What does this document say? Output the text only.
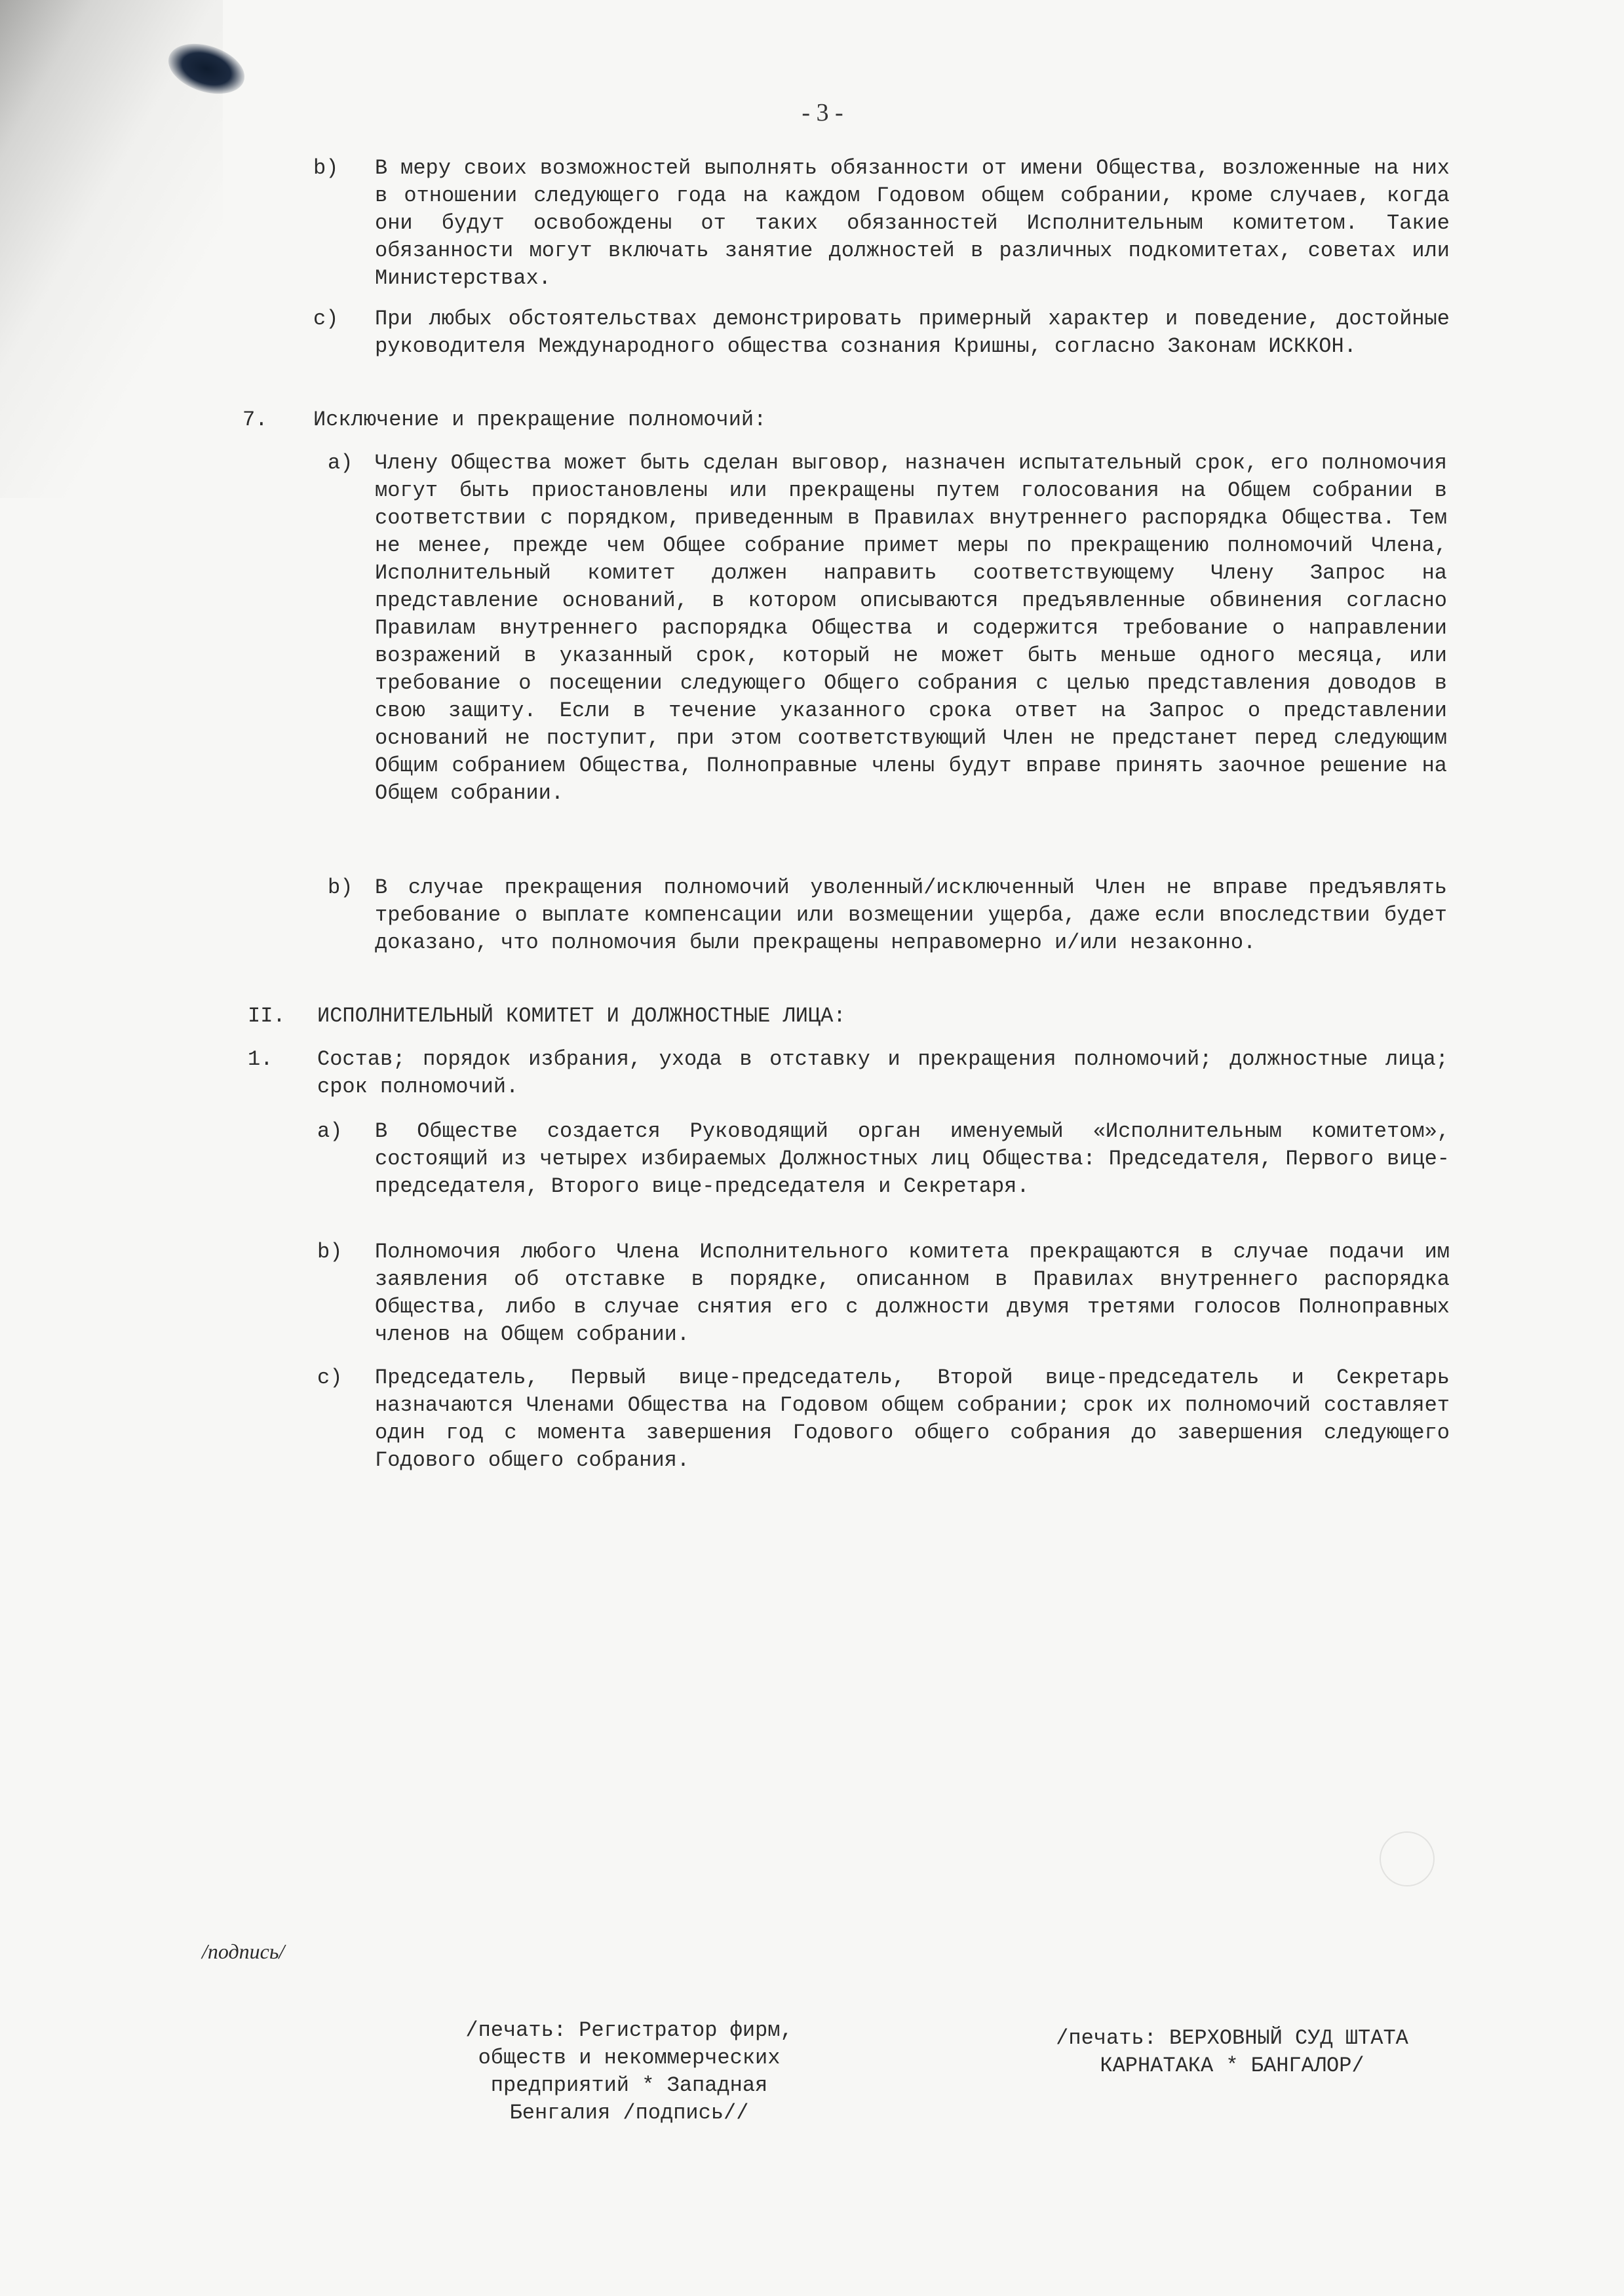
- 3 -
b) В меру своих возможностей выполнять обязанности от имени Общества, возложенные на них в отношении следующего года на каждом Годовом общем собрании, кроме случаев, когда они будут освобождены от таких обязанностей Исполнительным комитетом. Такие обязанности могут включать занятие должностей в различных подкомитетах, советах или Министерствах.

c) При любых обстоятельствах демонстрировать примерный характер и поведение, достойные руководителя Международного общества сознания Кришны, согласно Законам ИСККОН.

7. Исключение и прекращение полномочий:

a) Члену Общества может быть сделан выговор, назначен испытательный срок, его полномочия могут быть приостановлены или прекращены путем голосования на Общем собрании в соответствии с порядком, приведенным в Правилах внутреннего распорядка Общества. Тем не менее, прежде чем Общее собрание примет меры по прекращению полномочий Члена, Исполнительный комитет должен направить соответствующему Члену Запрос на представление оснований, в котором описываются предъявленные обвинения согласно Правилам внутреннего распорядка Общества и содержится требование о направлении возражений в указанный срок, который не может быть меньше одного месяца, или требование о посещении следующего Общего собрания с целью представления доводов в свою защиту. Если в течение указанного срока ответ на Запрос о представлении оснований не поступит, при этом соответствующий Член не предстанет перед следующим Общим собранием Общества, Полноправные члены будут вправе принять заочное решение на Общем собрании.

b) В случае прекращения полномочий уволенный/исключенный Член не вправе предъявлять требование о выплате компенсации или возмещении ущерба, даже если впоследствии будет доказано, что полномочия были прекращены неправомерно и/или незаконно.

II. ИСПОЛНИТЕЛЬНЫЙ КОМИТЕТ И ДОЛЖНОСТНЫЕ ЛИЦА:

1. Состав; порядок избрания, ухода в отставку и прекращения полномочий; должностные лица; срок полномочий.

a) В Обществе создается Руководящий орган именуемый «Исполнительным комитетом», состоящий из четырех избираемых Должностных лиц Общества: Председателя, Первого вице-председателя, Второго вице-председателя и Секретаря.

b) Полномочия любого Члена Исполнительного комитета прекращаются в случае подачи им заявления об отставке в порядке, описанном в Правилах внутреннего распорядка Общества, либо в случае снятия его с должности двумя третями голосов Полноправных членов на Общем собрании.

c) Председатель, Первый вице-председатель, Второй вице-председатель и Секретарь назначаются Членами Общества на Годовом общем собрании; срок их полномочий составляет один год с момента завершения Годового общего собрания до завершения следующего Годового общего собрания.

/подпись/
/печать: Регистратор фирм,
обществ и некоммерческих
предприятий * Западная
Бенгалия /подпись//
/печать: ВЕРХОВНЫЙ СУД ШТАТА
КАРНАТАКА * БАНГАЛОР/
